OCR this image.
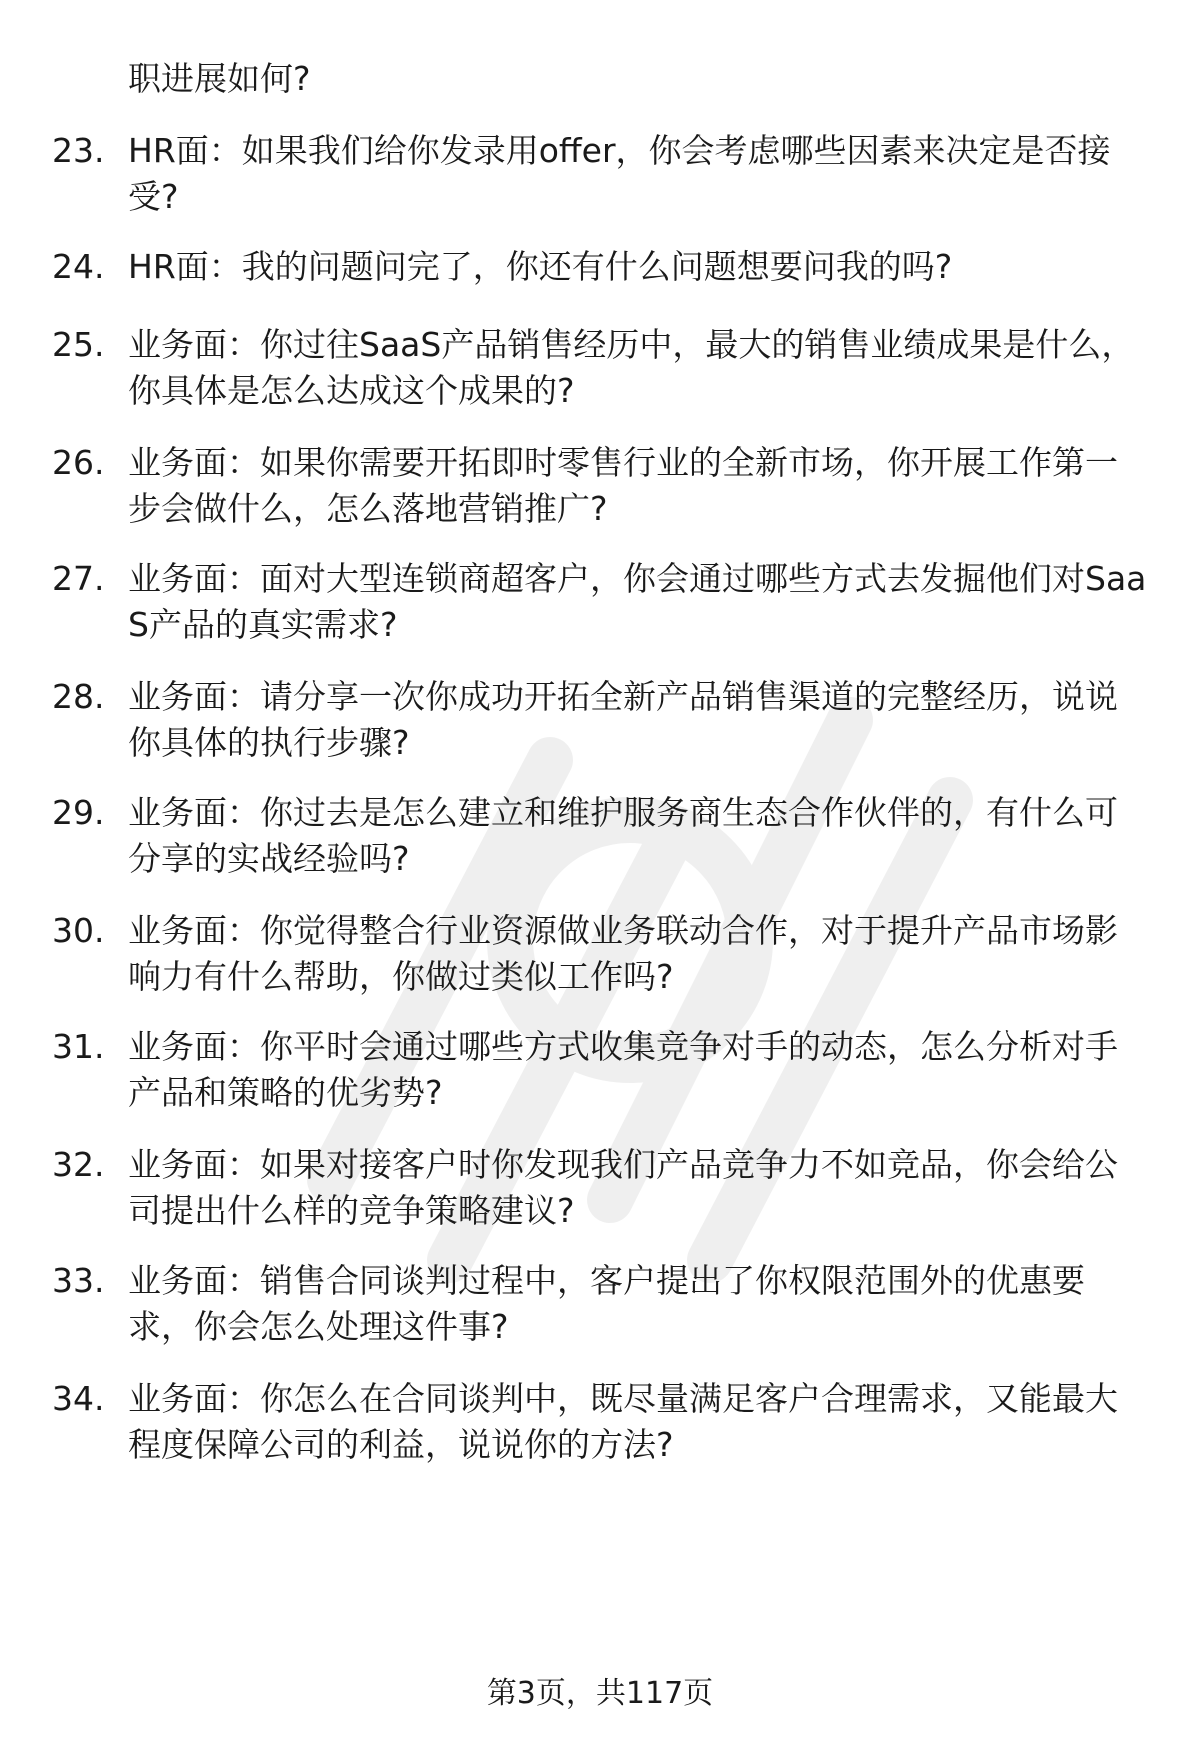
职进展如何?
23. HR面：如果我们给你发录用offer，你会考虑哪些因素来决定是否接受?
24. HR面：我的问题问完了，你还有什么问题想要问我的吗?
25. 业务面：你过往SaaS产品销售经历中，最大的销售业绩成果是什么，你具体是怎么达成这个成果的?
26. 业务面：如果你需要开拓即时零售行业的全新市场，你开展工作第一步会做什么，怎么落地营销推广?
27. 业务面：面对大型连锁商超客户，你会通过哪些方式去发掘他们对SaaS产品的真实需求?
28. 业务面：请分享一次你成功开拓全新产品销售渠道的完整经历，说说你具体的执行步骤?
29. 业务面：你过去是怎么建立和维护服务商生态合作伙伴的，有什么可分享的实战经验吗?
30. 业务面：你觉得整合行业资源做业务联动合作，对于提升产品市场影响力有什么帮助，你做过类似工作吗?
31. 业务面：你平时会通过哪些方式收集竞争对手的动态，怎么分析对手产品和策略的优劣势?
32. 业务面：如果对接客户时你发现我们产品竞争力不如竞品，你会给公司提出什么样的竞争策略建议?
33. 业务面：销售合同谈判过程中，客户提出了你权限范围外的优惠要求，你会怎么处理这件事?
34. 业务面：你怎么在合同谈判中，既尽量满足客户合理需求，又能最大程度保障公司的利益，说说你的方法?
第3页，共117页
